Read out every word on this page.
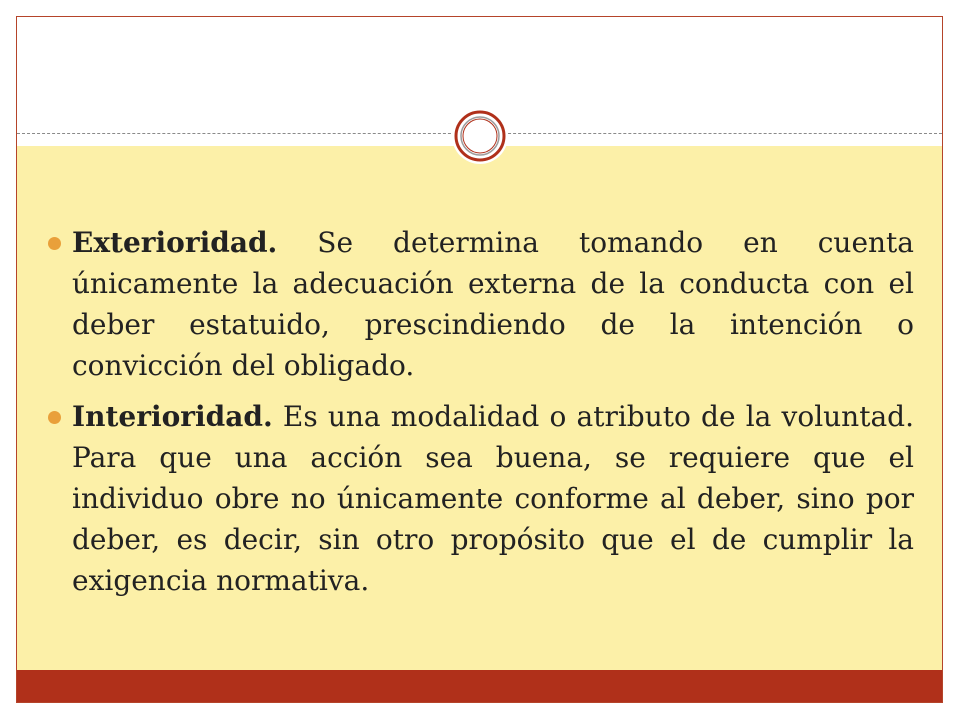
Exterioridad. Se determina tomando en cuenta únicamente la adecuación externa de la conducta con el deber estatuido, prescindiendo de la intención o convicción del obligado.

Interioridad. Es una modalidad o atributo de la voluntad. Para que una acción sea buena, se requiere que el individuo obre no únicamente conforme al deber, sino por deber, es decir, sin otro propósito que el de cumplir la exigencia normativa.
